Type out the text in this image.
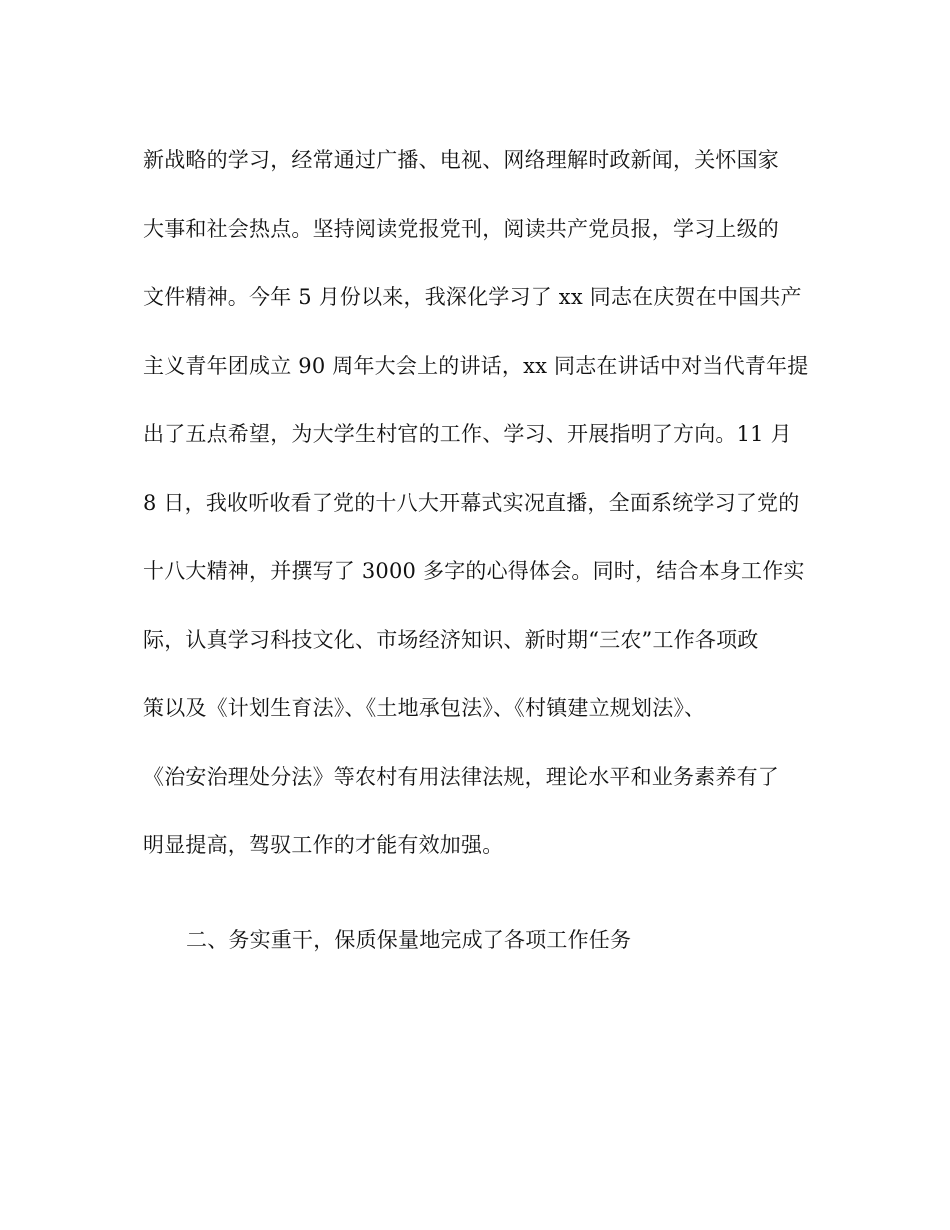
新战略的学习，经常通过广播、电视、网络理解时政新闻，关怀国家
大事和社会热点。坚持阅读党报党刊，阅读共产党员报，学习上级的
文件精神。今年 5 月份以来，我深化学习了 xx 同志在庆贺在中国共产
主义青年团成立 90 周年大会上的讲话，xx 同志在讲话中对当代青年提
出了五点希望，为大学生村官的工作、学习、开展指明了方向。11 月
8 日，我收听收看了党的十八大开幕式实况直播，全面系统学习了党的
十八大精神，并撰写了 3000 多字的心得体会。同时，结合本身工作实
际，认真学习科技文化、市场经济知识、新时期“三农”工作各项政
策以及《计划生育法》、《土地承包法》、《村镇建立规划法》、
《治安治理处分法》等农村有用法律法规，理论水平和业务素养有了
明显提高，驾驭工作的才能有效加强。
二、务实重干，保质保量地完成了各项工作任务
